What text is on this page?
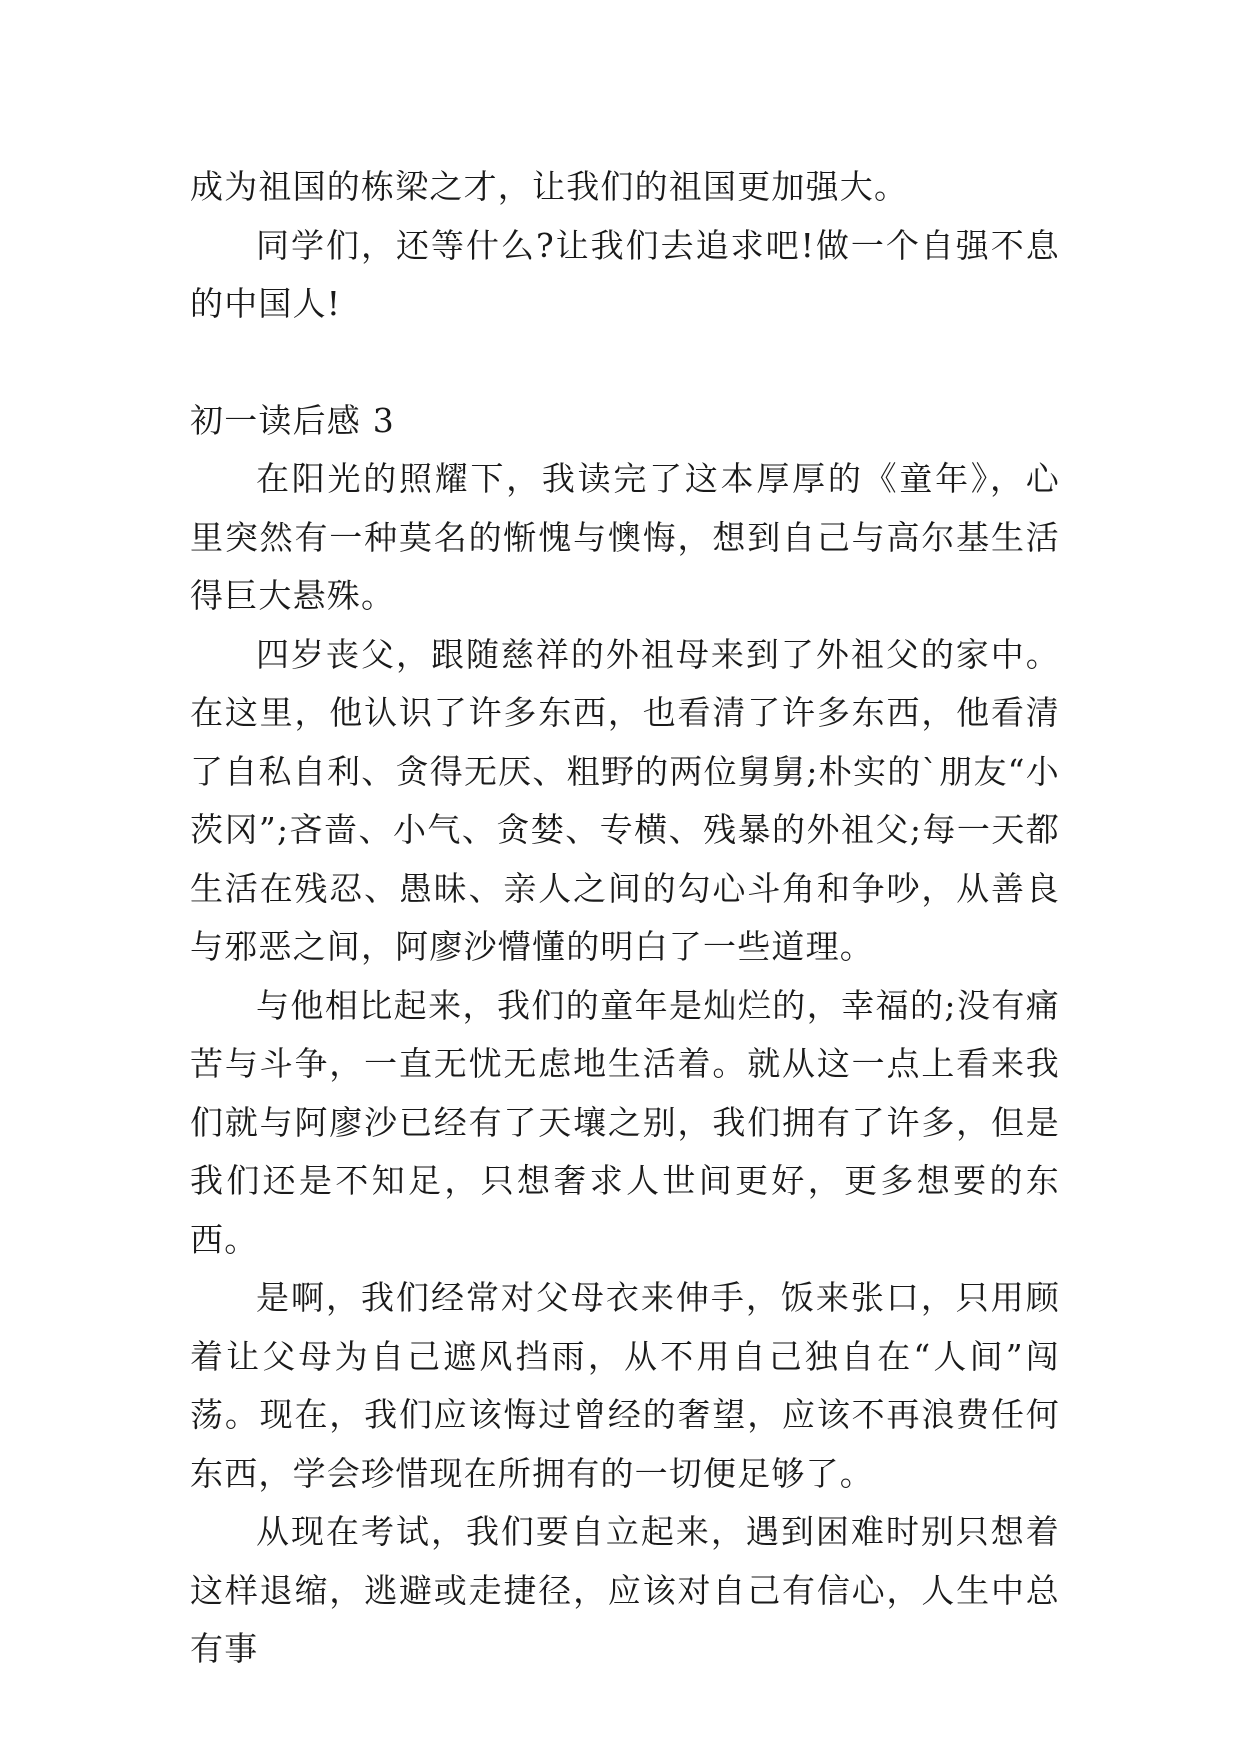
成为祖国的栋梁之才，让我们的祖国更加强大。

同学们，还等什么?让我们去追求吧!做一个自强不息的中国人!

初一读后感 3

在阳光的照耀下，我读完了这本厚厚的《童年》，心里突然有一种莫名的惭愧与懊悔，想到自己与高尔基生活得巨大悬殊。

四岁丧父，跟随慈祥的外祖母来到了外祖父的家中。在这里，他认识了许多东西，也看清了许多东西，他看清了自私自利、贪得无厌、粗野的两位舅舅;朴实的`朋友“小茨冈”;吝啬、小气、贪婪、专横、残暴的外祖父;每一天都生活在残忍、愚昧、亲人之间的勾心斗角和争吵，从善良与邪恶之间，阿廖沙懵懂的明白了一些道理。

与他相比起来，我们的童年是灿烂的，幸福的;没有痛苦与斗争，一直无忧无虑地生活着。就从这一点上看来我们就与阿廖沙已经有了天壤之别，我们拥有了许多，但是我们还是不知足，只想奢求人世间更好，更多想要的东西。

是啊，我们经常对父母衣来伸手，饭来张口，只用顾着让父母为自己遮风挡雨，从不用自己独自在“人间”闯荡。现在，我们应该悔过曾经的奢望，应该不再浪费任何东西，学会珍惜现在所拥有的一切便足够了。

从现在考试，我们要自立起来，遇到困难时别只想着这样退缩，逃避或走捷径，应该对自己有信心，人生中总有事
